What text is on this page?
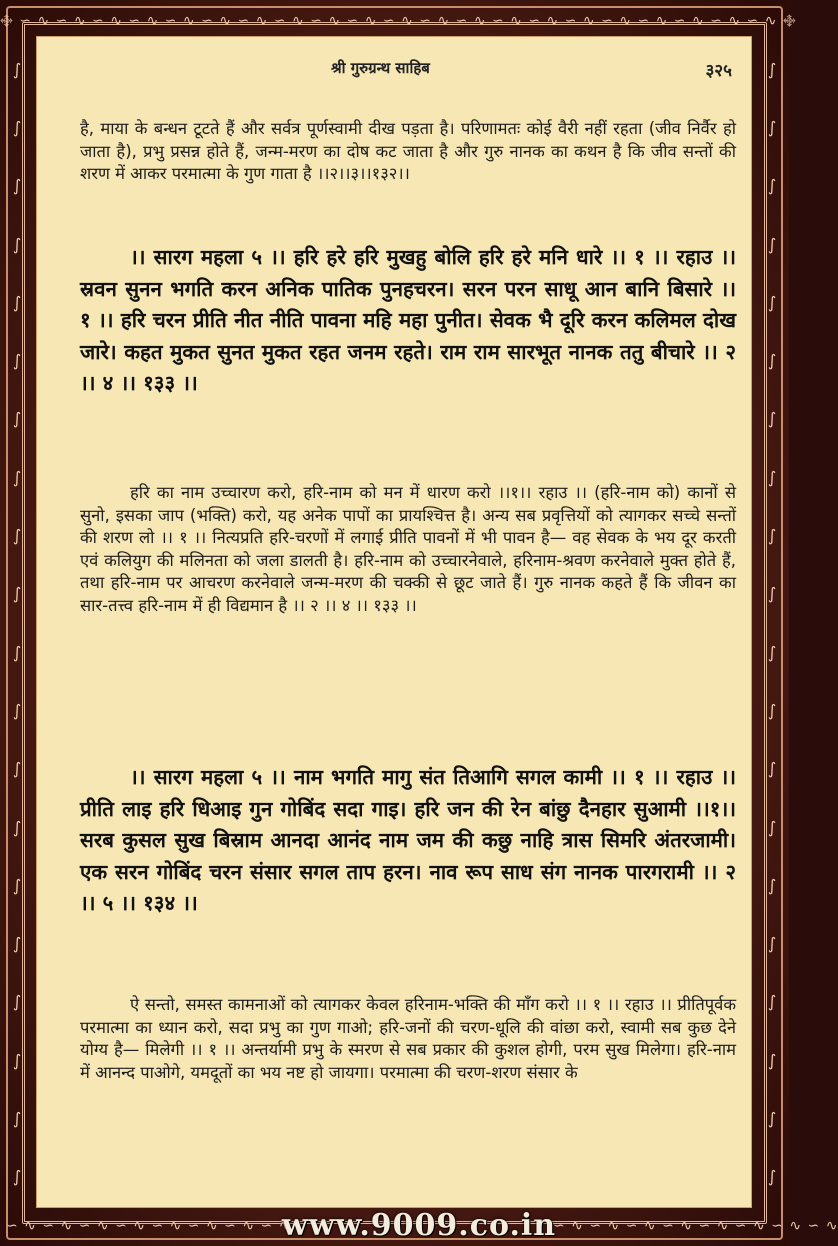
࿇ ∽ ∿ ∽ ∿ ∽ ∿ ∽ ∿ ∽ ∿ ∽ ∿ ∽ ∿ ∽ ∿ ∽ ∿ ∽ ∿ ∽ ∿ ∽ ∿ ∽ ∿ ∽ ∿ ∽ ∿ ∽ ∿ ∽ ∿ ∽ ∿ ∽ ∿ ∽ ∿ ∽ ∿ ࿇
∫
∫
∫
∫
∫
∫
∫
∫
∫
∫
∫
∫
∫
∫
∫
∫
∫
∫
∫
∫
∫
∫
∫
∫
∫
∫
∫
∫
∫
∫
∫
∫
∫
∫
∫
∫
∫
∫
∫
∫
∽ ∿ ∽ ∿ ∽ ∿ ∽ ∿ ∽ ∿ ∽ ∿ ∽ ∿ ∽ ∿	∽ ∿ ∽ ∿ ∽ ∿ ∽ ∿ ∽ ∿ ∽ ∿ ∽ ∿ ∽ ∿
श्री गुरुग्रन्थ साहिब	३२५

है, माया के बन्धन टूटते हैं और सर्वत्र पूर्णस्वामी दीख पड़ता है। परिणामतः कोई वैरी नहीं रहता (जीव निर्वैर हो जाता है), प्रभु प्रसन्न होते हैं, जन्म-मरण का दोष कट जाता है और गुरु नानक का कथन है कि जीव सन्तों की शरण में आकर परमात्मा के गुण गाता है ।।२।।३।।१३२।।

।। सारग महला ५ ।। हरि हरे हरि मुखहु बोलि हरि हरे मनि धारे ।। १ ।। रहाउ ।। स्रवन सुनन भगति करन अनिक पातिक पुनहचरन। सरन परन साधू आन बानि बिसारे ।। १ ।। हरि चरन प्रीति नीत नीति पावना महि महा पुनीत। सेवक भै दूरि करन कलिमल दोख जारे। कहत मुकत सुनत मुकत रहत जनम रहते। राम राम सारभूत नानक ततु बीचारे ।। २ ।। ४ ।। १३३ ।।

हरि का नाम उच्चारण करो, हरि-नाम को मन में धारण करो ।।१।। रहाउ ।। (हरि-नाम को) कानों से सुनो, इसका जाप (भक्ति) करो, यह अनेक पापों का प्रायश्चित्त है। अन्य सब प्रवृत्तियों को त्यागकर सच्चे सन्तों की शरण लो ।। १ ।। नित्यप्रति हरि-चरणों में लगाई प्रीति पावनों में भी पावन है— वह सेवक के भय दूर करती एवं कलियुग की मलिनता को जला डालती है। हरि-नाम को उच्चारनेवाले, हरिनाम-श्रवण करनेवाले मुक्त होते हैं, तथा हरि-नाम पर आचरण करनेवाले जन्म-मरण की चक्की से छूट जाते हैं। गुरु नानक कहते हैं कि जीवन का सार-तत्त्व हरि-नाम में ही विद्यमान है ।। २ ।। ४ ।। १३३ ।।

।। सारग महला ५ ।। नाम भगति मागु संत तिआगि सगल कामी ।। १ ।। रहाउ ।। प्रीति लाइ हरि धिआइ गुन गोबिंद सदा गाइ। हरि जन की रेन बांछु दैनहार सुआमी ।।१।। सरब कुसल सुख बिस्राम आनदा आनंद नाम जम की कछु नाहि त्रास सिमरि अंतरजामी। एक सरन गोबिंद चरन संसार सगल ताप हरन। नाव रूप साध संग नानक पारगरामी ।। २ ।। ५ ।। १३४ ।।

ऐ सन्तो, समस्त कामनाओं को त्यागकर केवल हरिनाम-भक्ति की माँग करो ।। १ ।। रहाउ ।। प्रीतिपूर्वक परमात्मा का ध्यान करो, सदा प्रभु का गुण गाओ; हरि-जनों की चरण-धूलि की वांछा करो, स्वामी सब कुछ देने योग्य है— मिलेगी ।। १ ।। अन्तर्यामी प्रभु के स्मरण से सब प्रकार की कुशल होगी, परम सुख मिलेगा। हरि-नाम में आनन्द पाओगे, यमदूतों का भय नष्ट हो जायगा। परमात्मा की चरण-शरण संसार के

www.9009.co.in
